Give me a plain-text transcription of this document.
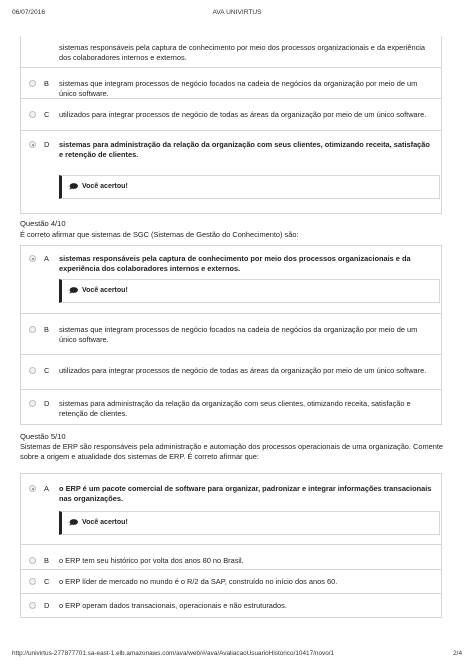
06/07/2016	AVA UNIVIRTUS
sistemas responsáveis pela captura de conhecimento por meio dos processos organizacionais e da experiência dos colaboradores internos e externos.
B sistemas que integram processos de negócio focados na cadeia de negócios da organização por meio de um único software.
C utilizados para integrar processos de negócio de todas as áreas da organização por meio de um único software.
D sistemas para administração da relação da organização com seus clientes, otimizando receita, satisfação e retenção de clientes.
Você acertou!
Questão 4/10
É correto afirmar que sistemas de SGC (Sistemas de Gestão do Conhecimento) são:
A sistemas responsáveis pela captura de conhecimento por meio dos processos organizacionais e da experiência dos colaboradores internos e externos.
Você acertou!
B sistemas que integram processos de negócio focados na cadeia de negócios da organização por meio de um único software.
C utilizados para integrar processos de negócio de todas as áreas da organização por meio de um único software.
D sistemas para administração da relação da organização com seus clientes, otimizando receita, satisfação e retenção de clientes.
Questão 5/10
Sistemas de ERP são responsáveis pela administração e automação dos processos operacionais de uma organização. Comente sobre a origem e atualidade dos sistemas de ERP. É correto afirmar que:
A o ERP é um pacote comercial de software para organizar, padronizar e integrar informações transacionais nas organizações.
Você acertou!
B o ERP tem seu histórico por volta dos anos 80 no Brasil.
C o ERP líder de mercado no mundo é o R/2 da SAP, construído no início dos anos 60.
D o ERP operam dados transacionais, operacionais e não estruturados.
http://univirtus-277877701.sa-east-1.elb.amazonaws.com/ava/web/#/ava/AvaliacaoUsuarioHistorico/10417/novo/1	2/4
